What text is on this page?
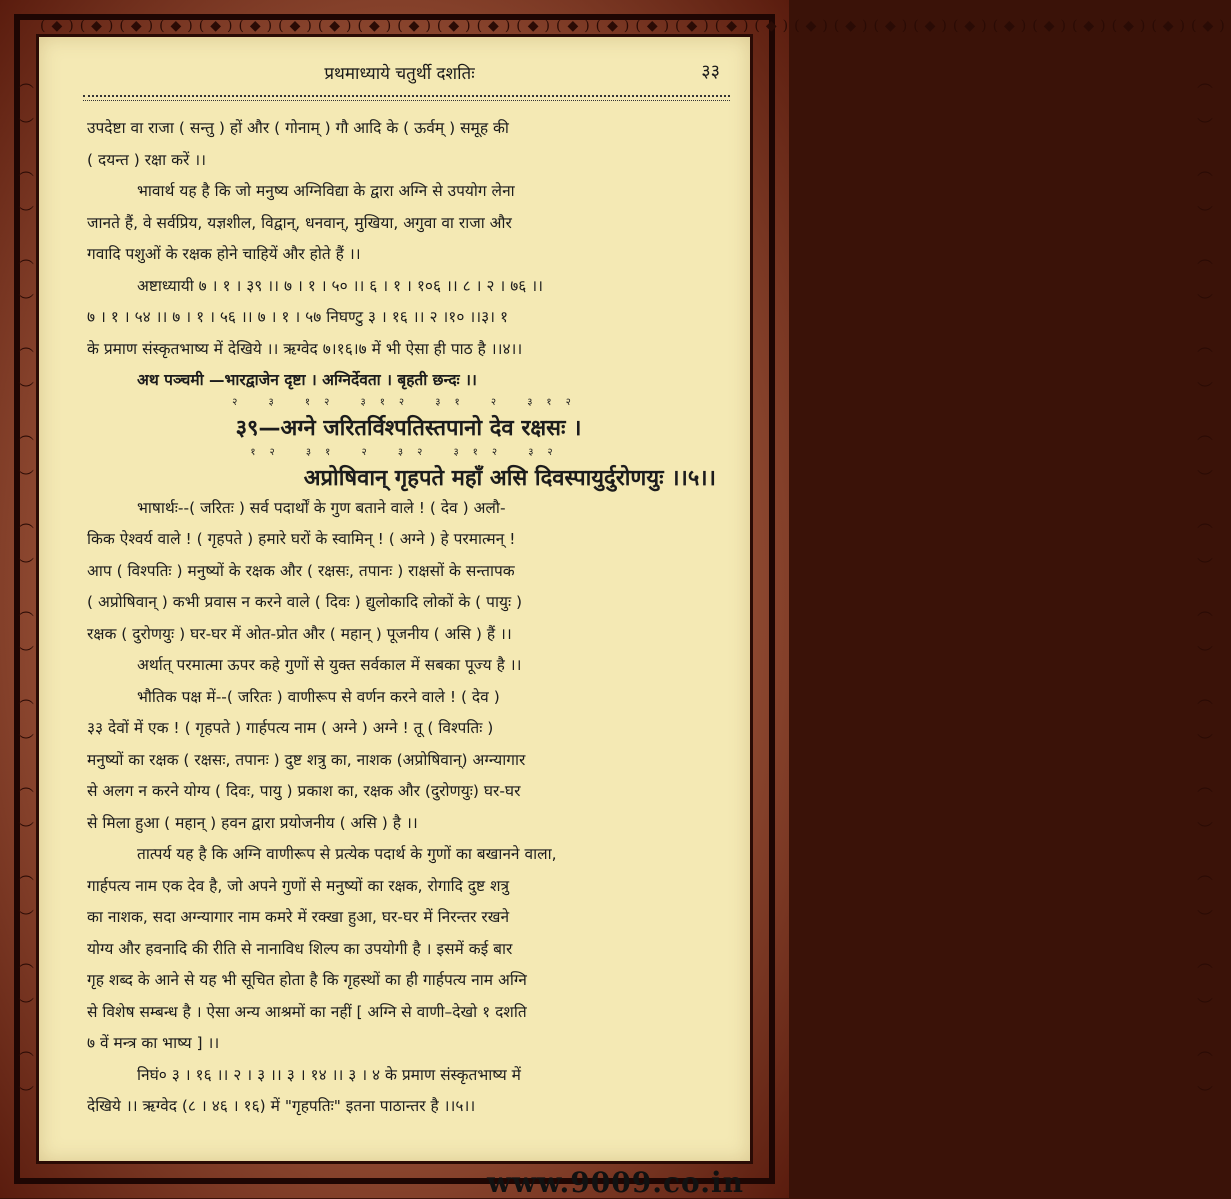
(◆)(◆)(◆)(◆)(◆)(◆)(◆)(◆)(◆)(◆)(◆)(◆)(◆)(◆)(◆)(◆)(◆)(◆)(◆)(◆)(◆)(◆)(◆)(◆)(◆)(◆)(◆)(◆)(◆)(◆)
︵
︶
︵
︶
︵
︶
︵
︶
︵
︶
︵
︶
︵
︶
︵
︶
︵
︶
︵
︶
︵
︶
︵
︶
︵
︶
︵
︶
︵
︶
︵
︶
︵
︶
︵
︶
︵
︶
︵
︶
︵
︶
︵
︶
︵
︶
︵
︶
प्रथमाध्याये चतुर्थी दशतिः	३३

उपदेष्टा वा राजा ( सन्तु ) हों और ( गोनाम् ) गौ आदि के ( ऊर्वम् ) समूह की

( दयन्त ) रक्षा करें ।।

भावार्थ यह है कि जो मनुष्य अग्निविद्या के द्वारा अग्नि से उपयोग लेना

जानते हैं, वे सर्वप्रिय, यज्ञशील, विद्वान्, धनवान्, मुखिया, अगुवा वा राजा और

गवादि पशुओं के रक्षक होने चाहियें और होते हैं ।।

अष्टाध्यायी ७ । १ । ३९ ।। ७ । १ । ५० ।। ६ । १ । १०६ ।। ८ । २ । ७६ ।।

७ । १ । ५४ ।। ७ । १ । ५६ ।। ७ । १ । ५७ निघण्टु ३ । १६ ।। २ ।१० ।।३। १

के प्रमाण संस्कृतभाष्य में देखिये ।। ऋग्वेद ७।१६।७ में भी ऐसा ही पाठ है ।।४।।

अथ पञ्चमी —भारद्वाजेन दृष्टा । अग्निर्देवता । बृहती छन्दः ।।

२ ३ १२ ३१२ ३१ २ ३१२
३९—अग्ने जरितर्विश्पतिस्तपानो देव रक्षसः ।
१२ ३१ २ ३२ ३१२ ३२
अप्रोषिवान् गृहपते महाँ असि दिवस्पायुर्दुरोणयुः ।।५।।

भाषार्थः--( जरितः ) सर्व पदार्थों के गुण बताने वाले ! ( देव ) अलौ-

किक ऐश्वर्य वाले ! ( गृहपते ) हमारे घरों के स्वामिन् ! ( अग्ने ) हे परमात्मन् !

आप ( विश्पतिः ) मनुष्यों के रक्षक और ( रक्षसः, तपानः ) राक्षसों के सन्तापक

( अप्रोषिवान् ) कभी प्रवास न करने वाले ( दिवः ) द्युलोकादि लोकों के ( पायुः )

रक्षक ( दुरोणयुः ) घर-घर में ओत-प्रोत और ( महान् ) पूजनीय ( असि ) हैं ।।

अर्थात् परमात्मा ऊपर कहे गुणों से युक्त सर्वकाल में सबका पूज्य है ।।

भौतिक पक्ष में--( जरितः ) वाणीरूप से वर्णन करने वाले ! ( देव )

३३ देवों में एक ! ( गृहपते ) गार्हपत्य नाम ( अग्ने ) अग्ने ! तू ( विश्पतिः )

मनुष्यों का रक्षक ( रक्षसः, तपानः ) दुष्ट शत्रु का, नाशक (अप्रोषिवान्) अग्न्यागार

से अलग न करने योग्य ( दिवः, पायु ) प्रकाश का, रक्षक और (दुरोणयुः) घर-घर

से मिला हुआ ( महान् ) हवन द्वारा प्रयोजनीय ( असि ) है ।।

तात्पर्य यह है कि अग्नि वाणीरूप से प्रत्येक पदार्थ के गुणों का बखानने वाला,

गार्हपत्य नाम एक देव है, जो अपने गुणों से मनुष्यों का रक्षक, रोगादि दुष्ट शत्रु

का नाशक, सदा अग्न्यागार नाम कमरे में रक्खा हुआ, घर-घर में निरन्तर रखने

योग्य और हवनादि की रीति से नानाविध शिल्प का उपयोगी है । इसमें कई बार

गृह शब्द के आने से यह भी सूचित होता है कि गृहस्थों का ही गार्हपत्य नाम अग्नि

से विशेष सम्बन्ध है । ऐसा अन्य आश्रमों का नहीं [ अग्नि से वाणी–देखो १ दशति

७ वें मन्त्र का भाष्य ] ।।

निघं० ३ । १६ ।। २ । ३ ।। ३ । १४ ।। ३ । ४ के प्रमाण संस्कृतभाष्य में

देखिये ।। ऋग्वेद (८ । ४६ । १६) में "गृहपतिः" इतना पाठान्तर है ।।५।।

www.9009.co.in
